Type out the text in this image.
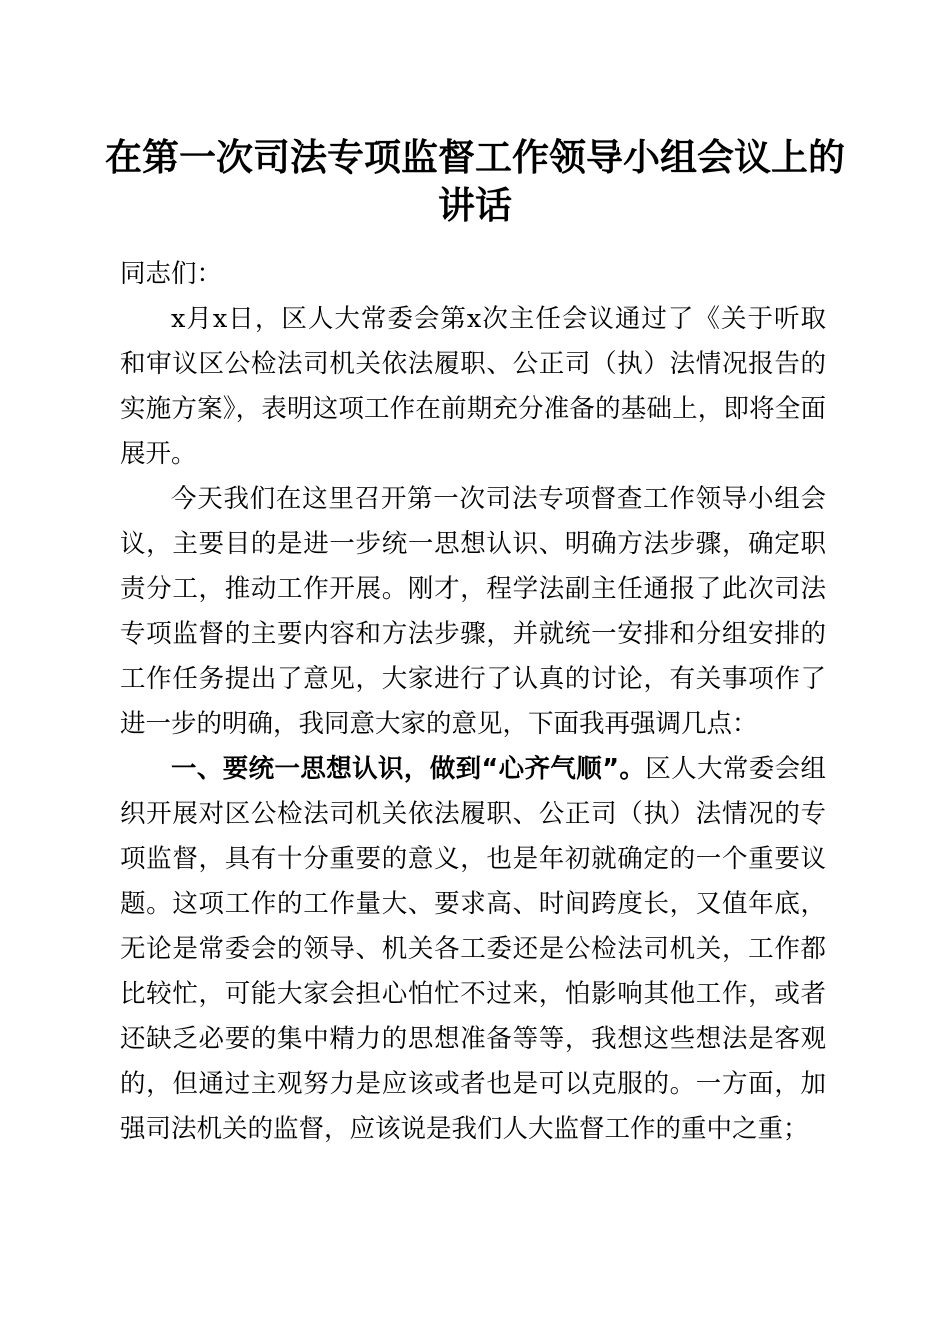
在第一次司法专项监督工作领导小组会议上的
讲话

同志们：

x月x日，区人大常委会第x次主任会议通过了《关于听取和审议区公检法司机关依法履职、公正司（执）法情况报告的实施方案》，表明这项工作在前期充分准备的基础上，即将全面展开。

今天我们在这里召开第一次司法专项督查工作领导小组会议，主要目的是进一步统一思想认识、明确方法步骤，确定职责分工，推动工作开展。刚才，程学法副主任通报了此次司法专项监督的主要内容和方法步骤，并就统一安排和分组安排的工作任务提出了意见，大家进行了认真的讨论，有关事项作了进一步的明确，我同意大家的意见，下面我再强调几点：

一、要统一思想认识，做到“心齐气顺”。区人大常委会组织开展对区公检法司机关依法履职、公正司（执）法情况的专项监督，具有十分重要的意义，也是年初就确定的一个重要议题。这项工作的工作量大、要求高、时间跨度长，又值年底，无论是常委会的领导、机关各工委还是公检法司机关，工作都比较忙，可能大家会担心怕忙不过来，怕影响其他工作，或者还缺乏必要的集中精力的思想准备等等，我想这些想法是客观的，但通过主观努力是应该或者也是可以克服的。一方面，加强司法机关的监督，应该说是我们人大监督工作的重中之重；
